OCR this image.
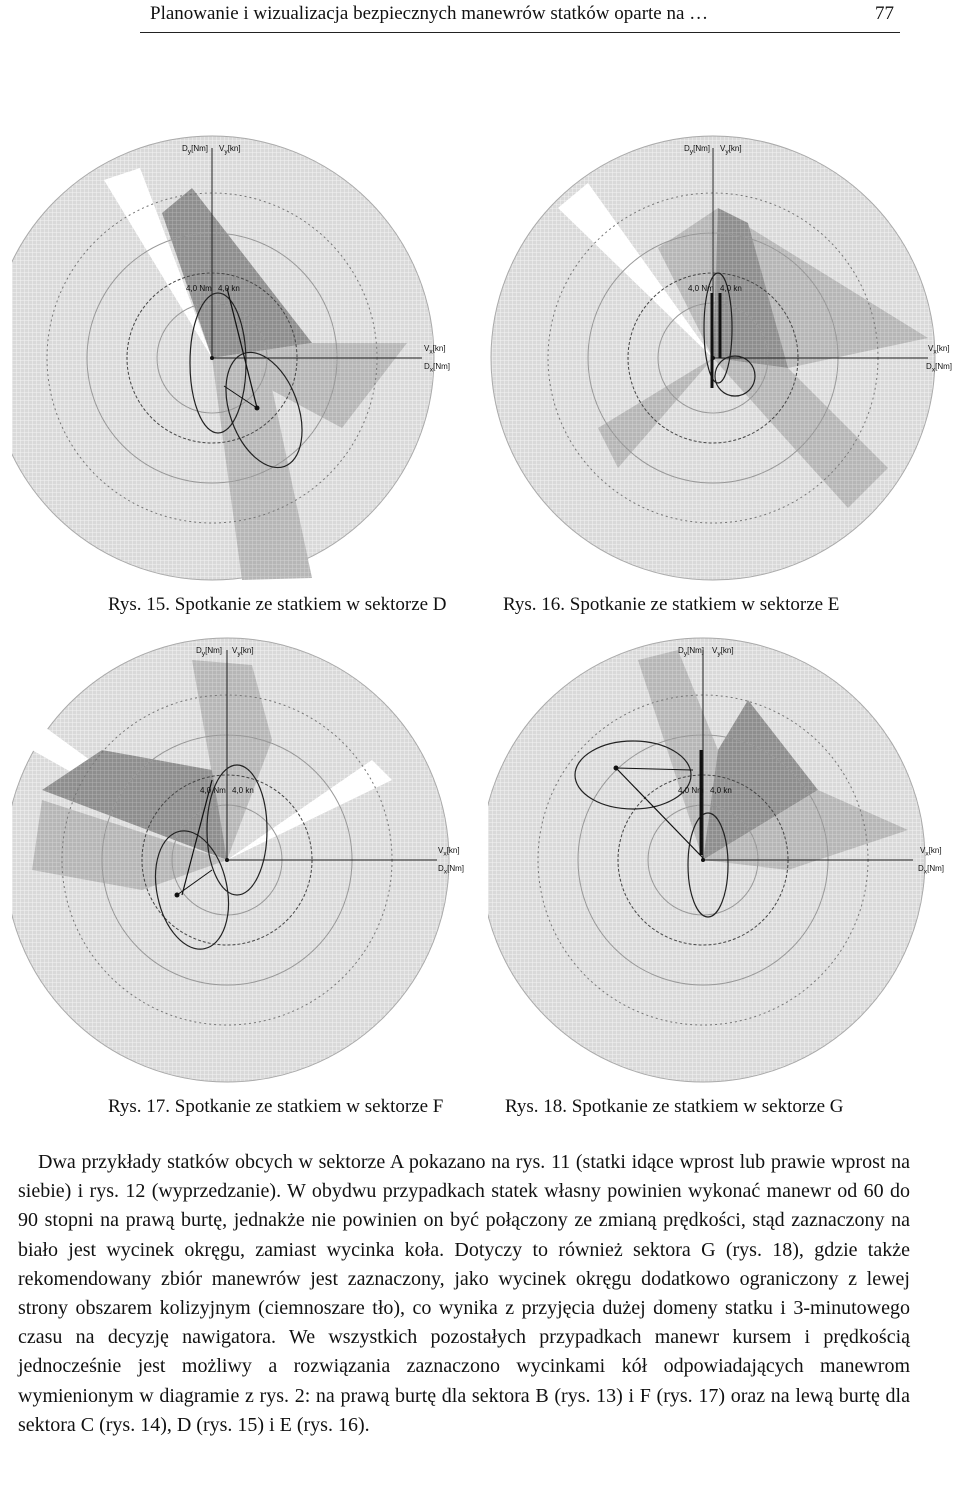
Planowanie i wizualizacja bezpiecznych manewrów statków oparte na …	77
$D_y[Nm]$ $V_y[kn]$
$V_x[kn]$
$D_x[Nm]$
4,0 Nm 4,0 kn
Rys. 15. Spotkanie ze statkiem w sektorze D
$D_y[Nm]$ $V_y[kn]$
$V_x[kn]$
$D_x[Nm]$
4,0 Nm 4,0 kn
Rys. 16. Spotkanie ze statkiem w sektorze E
$D_y[Nm]$ $V_y[kn]$
$V_x[kn]$
$D_x[Nm]$
4,0 Nm 4,0 kn
Rys. 17. Spotkanie ze statkiem w sektorze F
$D_y[Nm]$ $V_y[kn]$
$V_x[kn]$
$D_x[Nm]$
4,0 Nm 4,0 kn
Rys. 18. Spotkanie ze statkiem w sektorze G

Dwa przykłady statków obcych w sektorze A pokazano na rys. 11 (statki idące wprost lub prawie wprost na siebie) i rys. 12 (wyprzedzanie). W obydwu przypadkach statek własny powinien wykonać manewr od 60 do 90 stopni na prawą burtę, jednakże nie powinien on być połączony ze zmianą prędkości, stąd zaznaczony na biało jest wycinek okręgu, zamiast wycinka koła. Dotyczy to również sektora G (rys. 18), gdzie także rekomendowany zbiór manewrów jest zaznaczony, jako wycinek okręgu dodatkowo ograniczony z lewej strony obszarem kolizyjnym (ciemnoszare tło), co wynika z przyjęcia dużej domeny statku i 3-minutowego czasu na decyzję nawigatora. We wszystkich pozostałych przypadkach manewr kursem i prędkością jednocześnie jest możliwy a rozwiązania zaznaczono wycinkami kół odpowiadających manewrom wymienionym w diagramie z rys. 2: na prawą burtę dla sektora B (rys. 13) i F (rys. 17) oraz na lewą burtę dla sektora C (rys. 14), D (rys. 15) i E (rys. 16).
